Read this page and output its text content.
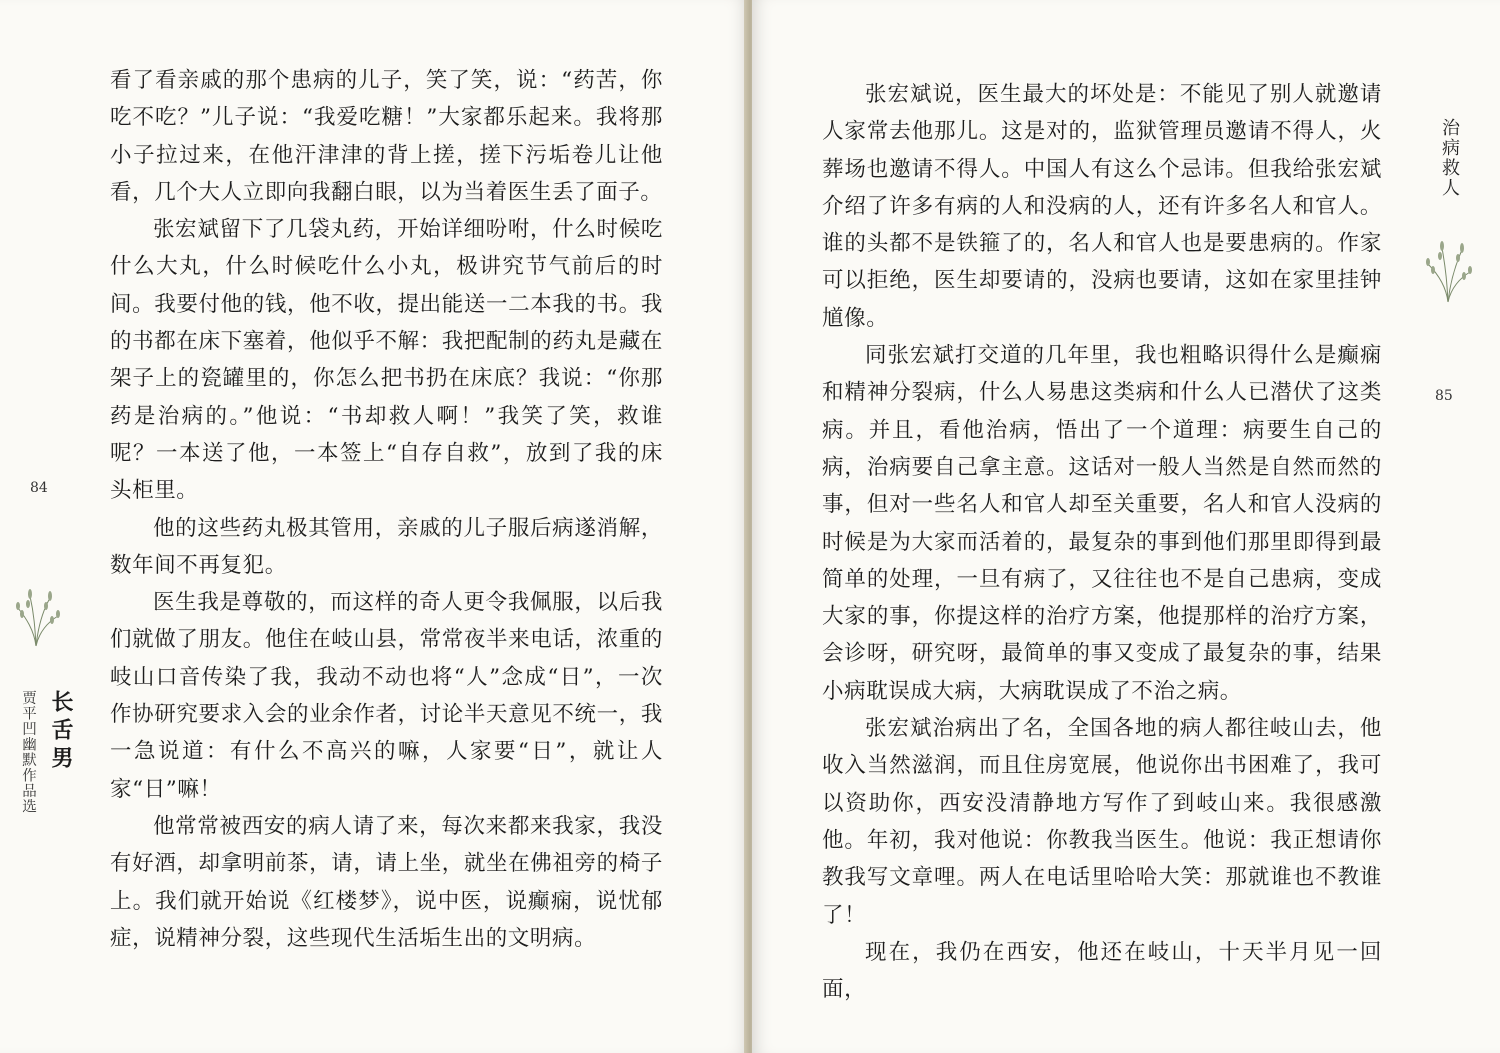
看了看亲戚的那个患病的儿子，笑了笑，说：“药苦，你吃不吃？”儿子说：“我爱吃糖！”大家都乐起来。我将那小子拉过来，在他汗津津的背上搓，搓下污垢卷儿让他看，几个大人立即向我翻白眼，以为当着医生丢了面子。

张宏斌留下了几袋丸药，开始详细吩咐，什么时候吃什么大丸，什么时候吃什么小丸，极讲究节气前后的时间。我要付他的钱，他不收，提出能送一二本我的书。我的书都在床下塞着，他似乎不解：我把配制的药丸是藏在架子上的瓷罐里的，你怎么把书扔在床底？我说：“你那药是治病的。”他说：“书却救人啊！”我笑了笑，救谁呢？一本送了他，一本签上“自存自救”，放到了我的床头柜里。

他的这些药丸极其管用，亲戚的儿子服后病遂消解，数年间不再复犯。

医生我是尊敬的，而这样的奇人更令我佩服，以后我们就做了朋友。他住在岐山县，常常夜半来电话，浓重的岐山口音传染了我，我动不动也将“人”念成“日”，一次作协研究要求入会的业余作者，讨论半天意见不统一，我一急说道：有什么不高兴的嘛，人家要“日”，就让人家“日”嘛！

他常常被西安的病人请了来，每次来都来我家，我没有好酒，却拿明前茶，请，请上坐，就坐在佛祖旁的椅子上。我们就开始说《红楼梦》，说中医，说癫痫，说忧郁症，说精神分裂，这些现代生活垢生出的文明病。

84
长舌男
贾平凹幽默作品选

张宏斌说，医生最大的坏处是：不能见了别人就邀请人家常去他那儿。这是对的，监狱管理员邀请不得人，火葬场也邀请不得人。中国人有这么个忌讳。但我给张宏斌介绍了许多有病的人和没病的人，还有许多名人和官人。谁的头都不是铁箍了的，名人和官人也是要患病的。作家可以拒绝，医生却要请的，没病也要请，这如在家里挂钟馗像。

同张宏斌打交道的几年里，我也粗略识得什么是癫痫和精神分裂病，什么人易患这类病和什么人已潜伏了这类病。并且，看他治病，悟出了一个道理：病要生自己的病，治病要自己拿主意。这话对一般人当然是自然而然的事，但对一些名人和官人却至关重要，名人和官人没病的时候是为大家而活着的，最复杂的事到他们那里即得到最简单的处理，一旦有病了，又往往也不是自己患病，变成大家的事，你提这样的治疗方案，他提那样的治疗方案，会诊呀，研究呀，最简单的事又变成了最复杂的事，结果小病耽误成大病，大病耽误成了不治之病。

张宏斌治病出了名，全国各地的病人都往岐山去，他收入当然滋润，而且住房宽展，他说你出书困难了，我可以资助你，西安没清静地方写作了到岐山来。我很感激他。年初，我对他说：你教我当医生。他说：我正想请你教我写文章哩。两人在电话里哈哈大笑：那就谁也不教谁了！

现在，我仍在西安，他还在岐山，十天半月见一回面，

治病救人
85
